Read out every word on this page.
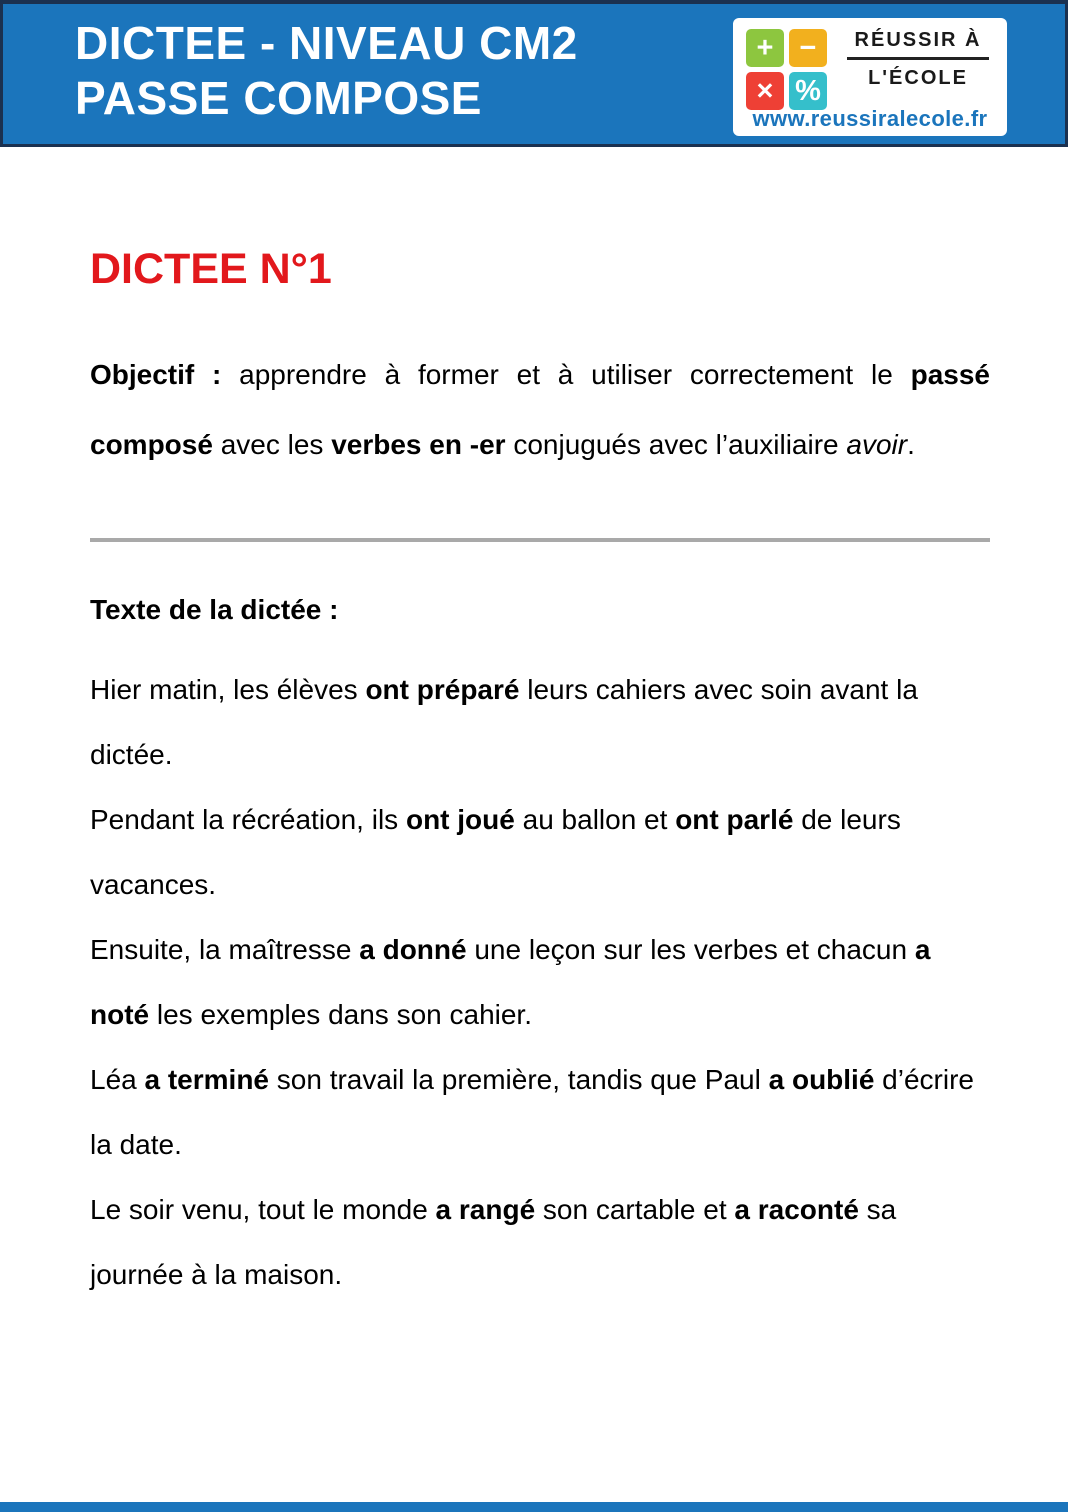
DICTEE - NIVEAU CM2
PASSE COMPOSE
+ −
× %
RÉUSSIR À
L'ÉCOLE
www.reussiralecole.fr
DICTEE N°1

Objectif : apprendre à former et à utiliser correctement le passé composé avec les verbes en -er conjugués avec l’auxiliaire avoir.

Texte de la dictée :

Hier matin, les élèves ont préparé leurs cahiers avec soin avant la dictée.

Pendant la récréation, ils ont joué au ballon et ont parlé de leurs vacances.

Ensuite, la maîtresse a donné une leçon sur les verbes et chacun a noté les exemples dans son cahier.

Léa a terminé son travail la première, tandis que Paul a oublié d’écrire la date.

Le soir venu, tout le monde a rangé son cartable et a raconté sa journée à la maison.
